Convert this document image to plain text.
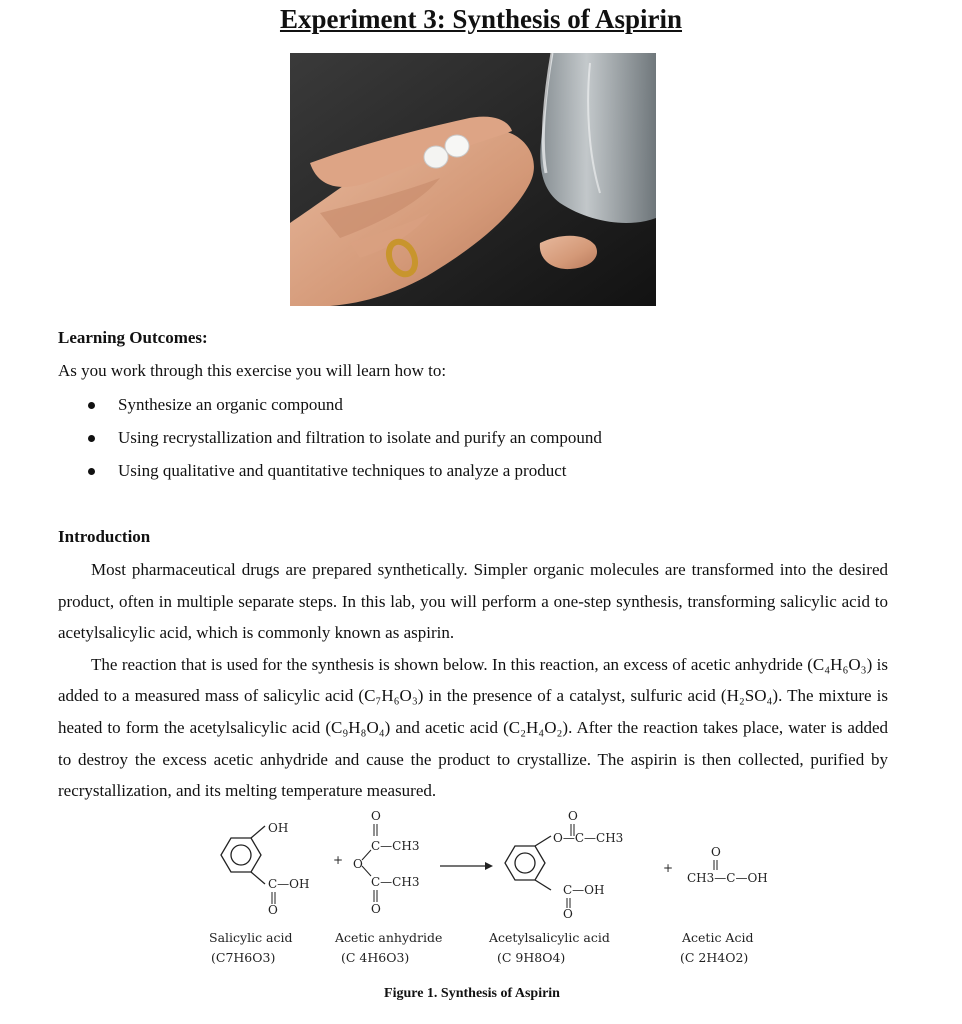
Experiment 3: Synthesis of Aspirin
Learning Outcomes:
As you work through this exercise you will learn how to:
Synthesize an organic compound
Using recrystallization and filtration to isolate and purify an compound
Using qualitative and quantitative techniques to analyze a product
Introduction

Most pharmaceutical drugs are prepared synthetically. Simpler organic molecules are transformed into the desired product, often in multiple separate steps. In this lab, you will perform a one-step synthesis, transforming salicylic acid to acetylsalicylic acid, which is commonly known as aspirin.

The reaction that is used for the synthesis is shown below. In this reaction, an excess of acetic anhydride (C₄H₆O₃) is added to a measured mass of salicylic acid (C₇H₆O₃) in the presence of a catalyst, sulfuric acid (H₂SO₄). The mixture is heated to form the acetylsalicylic acid (C₉H₈O₄) and acetic acid (C₂H₄O₂). After the reaction takes place, water is added to destroy the excess acetic anhydride and cause the product to crystallize. The aspirin is then collected, purified by recrystallization, and its melting temperature measured.

OH
C—OH
O
+
O
C—CH3
O
C—CH3
O
O
O—C—CH3
C—OH
O
+
O
CH3—C—OH
Salicylic acid
(C7H6O3)
Acetic anhydride
(C 4H6O3)
Acetylsalicylic acid
(C 9H8O4)
Acetic Acid
(C 2H4O2)
Figure 1. Synthesis of Aspirin
